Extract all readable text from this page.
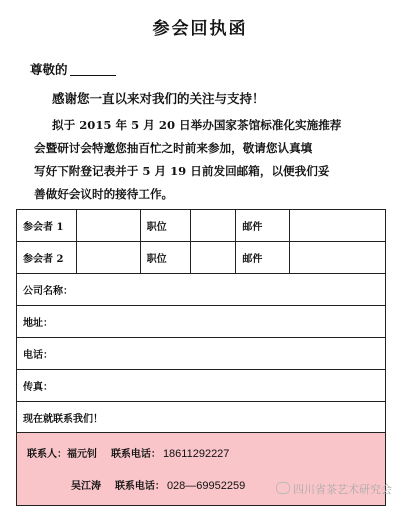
参会回执函
尊敬的
感谢您一直以来对我们的关注与支持！
拟于 2015 年 5 月 20 日举办国家茶馆标准化实施推荐
会暨研讨会特邀您抽百忙之时前来参加，敬请您认真填
写好下附登记表并于 5 月 19 日前发回邮箱，以便我们妥
善做好会议时的接待工作。
参会者 1		职位		邮件	
参会者 2		职位		邮件	
公司名称：					
地址：					
电话：					
传真：					
现在就联系我们！					

联系人：福元钊 联系电话： 18611292227
吴江涛 联系电话： 028—69952259						四川省茶艺术研究会
